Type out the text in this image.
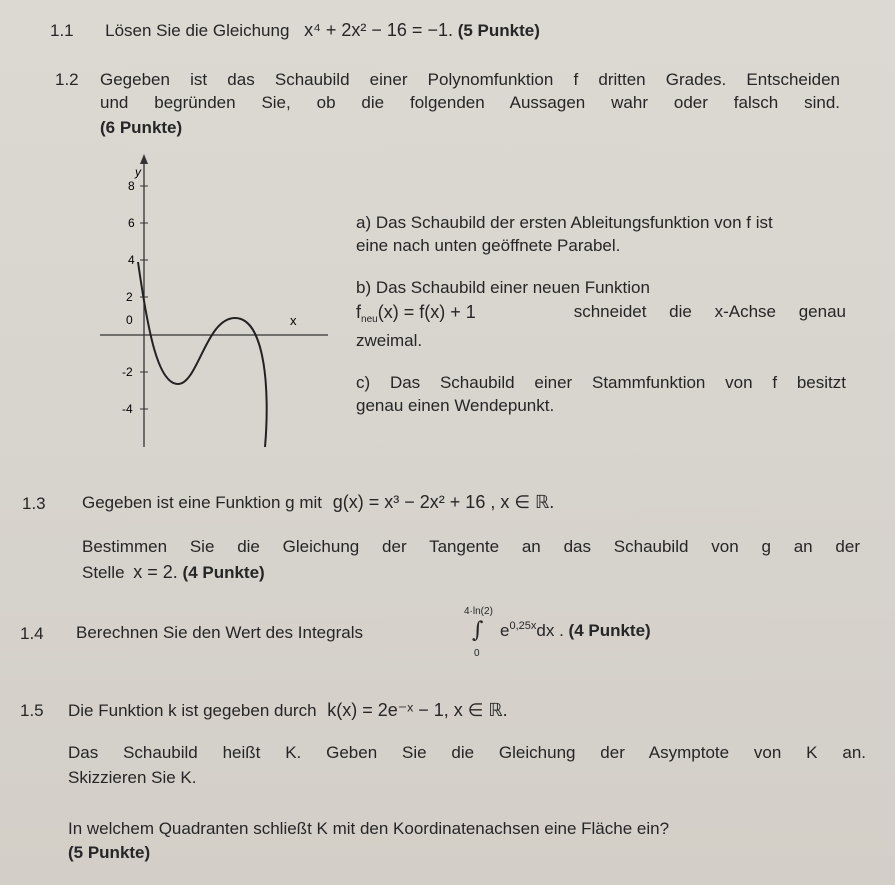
1.1 Lösen Sie die Gleichung x⁴ + 2x² − 16 = −1. (5 Punkte)
1.2 Gegeben ist das Schaubild einer Polynomfunktion f dritten Grades. Entscheiden
und begründen Sie, ob die folgenden Aussagen wahr oder falsch sind.
(6 Punkte)
y
x
8
6
4
2
0
-2
-4
a) Das Schaubild der ersten Ableitungsfunktion von f ist
eine nach unten geöffnete Parabel.
b) Das Schaubild einer neuen Funktion
$f_{neu}(x) = f(x) + 1$	schneidet die x-Achse genau
zweimal.
c) Das Schaubild einer Stammfunktion von f besitzt
genau einen Wendepunkt.
1.3 Gegeben ist eine Funktion g mit g(x) = x³ − 2x² + 16 , x ∈ ℝ.
Bestimmen Sie die Gleichung der Tangente an das Schaubild von g an der
Stelle x = 2. (4 Punkte)
1.4 Berechnen Sie den Wert des Integrals
4·ln(2)
∫
0
$e^{0,25x}dx$ . (4 Punkte)
1.5 Die Funktion k ist gegeben durch k(x) = 2e⁻ˣ − 1, x ∈ ℝ.
Das Schaubild heißt K. Geben Sie die Gleichung der Asymptote von K an.
Skizzieren Sie K.
In welchem Quadranten schließt K mit den Koordinatenachsen eine Fläche ein?
(5 Punkte)
